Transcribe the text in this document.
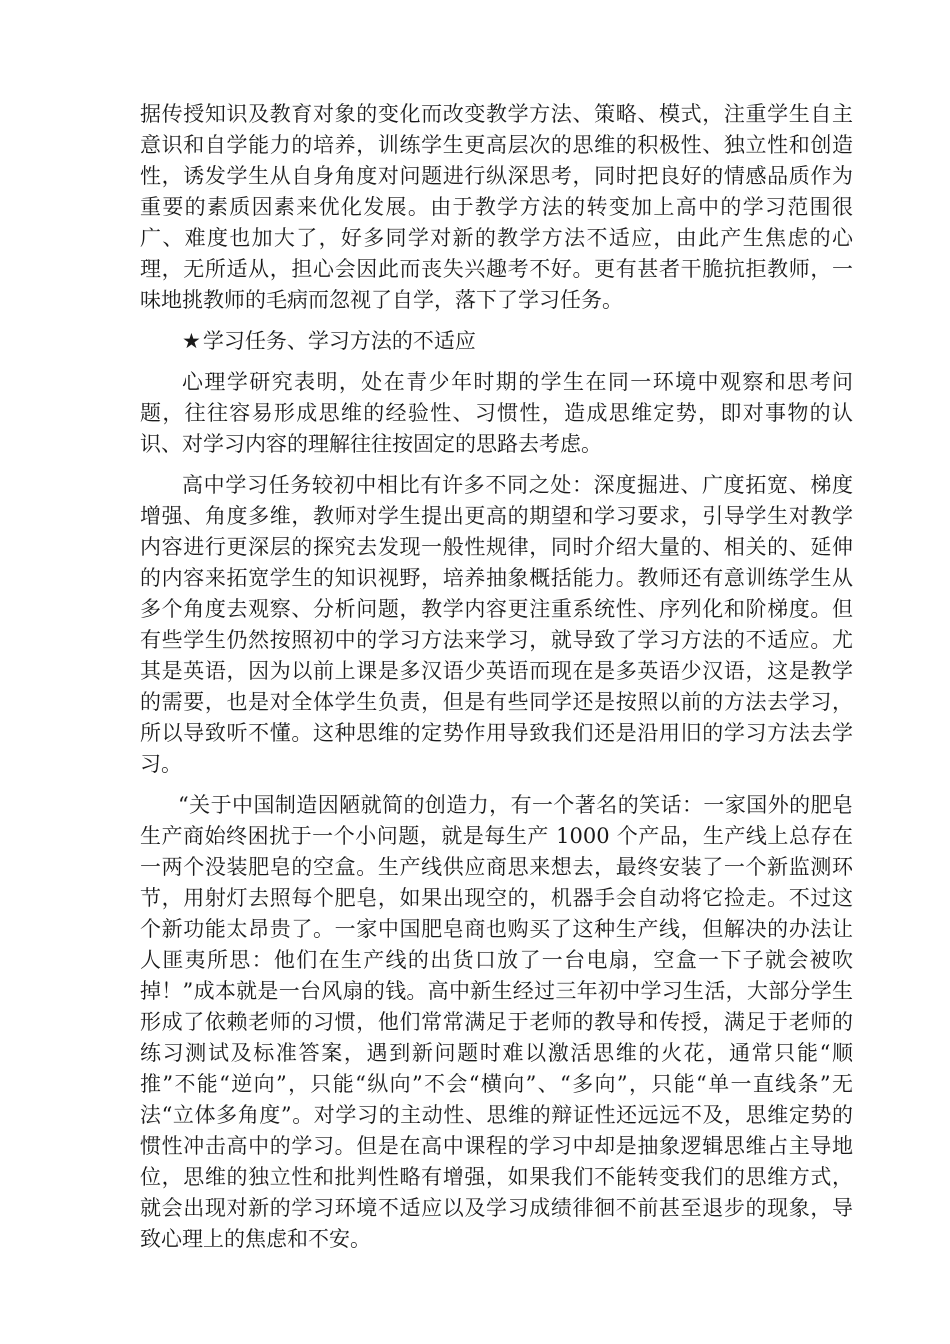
据传授知识及教育对象的变化而改变教学方法、策略、模式，注重学生自主意识和自学能力的培养，训练学生更高层次的思维的积极性、独立性和创造性，诱发学生从自身角度对问题进行纵深思考，同时把良好的情感品质作为重要的素质因素来优化发展。由于教学方法的转变加上高中的学习范围很广、难度也加大了，好多同学对新的教学方法不适应，由此产生焦虑的心理，无所适从，担心会因此而丧失兴趣考不好。更有甚者干脆抗拒教师，一味地挑教师的毛病而忽视了自学，落下了学习任务。

★学习任务、学习方法的不适应

心理学研究表明，处在青少年时期的学生在同一环境中观察和思考问题，往往容易形成思维的经验性、习惯性，造成思维定势，即对事物的认识、对学习内容的理解往往按固定的思路去考虑。

高中学习任务较初中相比有许多不同之处：深度掘进、广度拓宽、梯度增强、角度多维，教师对学生提出更高的期望和学习要求，引导学生对教学内容进行更深层的探究去发现一般性规律，同时介绍大量的、相关的、延伸的内容来拓宽学生的知识视野，培养抽象概括能力。教师还有意训练学生从多个角度去观察、分析问题，教学内容更注重系统性、序列化和阶梯度。但有些学生仍然按照初中的学习方法来学习，就导致了学习方法的不适应。尤其是英语，因为以前上课是多汉语少英语而现在是多英语少汉语，这是教学的需要，也是对全体学生负责，但是有些同学还是按照以前的方法去学习，所以导致听不懂。这种思维的定势作用导致我们还是沿用旧的学习方法去学习。

“关于中国制造因陋就简的创造力，有一个著名的笑话：一家国外的肥皂生产商始终困扰于一个小问题，就是每生产 1000 个产品，生产线上总存在一两个没装肥皂的空盒。生产线供应商思来想去，最终安装了一个新监测环节，用射灯去照每个肥皂，如果出现空的，机器手会自动将它捡走。不过这个新功能太昂贵了。一家中国肥皂商也购买了这种生产线，但解决的办法让人匪夷所思：他们在生产线的出货口放了一台电扇，空盒一下子就会被吹掉！”成本就是一台风扇的钱。高中新生经过三年初中学习生活，大部分学生形成了依赖老师的习惯，他们常常满足于老师的教导和传授，满足于老师的练习测试及标准答案，遇到新问题时难以激活思维的火花，通常只能“顺推”不能“逆向”，只能“纵向”不会“横向”、“多向”，只能“单一直线条”无法“立体多角度”。对学习的主动性、思维的辩证性还远远不及，思维定势的惯性冲击高中的学习。但是在高中课程的学习中却是抽象逻辑思维占主导地位，思维的独立性和批判性略有增强，如果我们不能转变我们的思维方式，就会出现对新的学习环境不适应以及学习成绩徘徊不前甚至退步的现象，导致心理上的焦虑和不安。
